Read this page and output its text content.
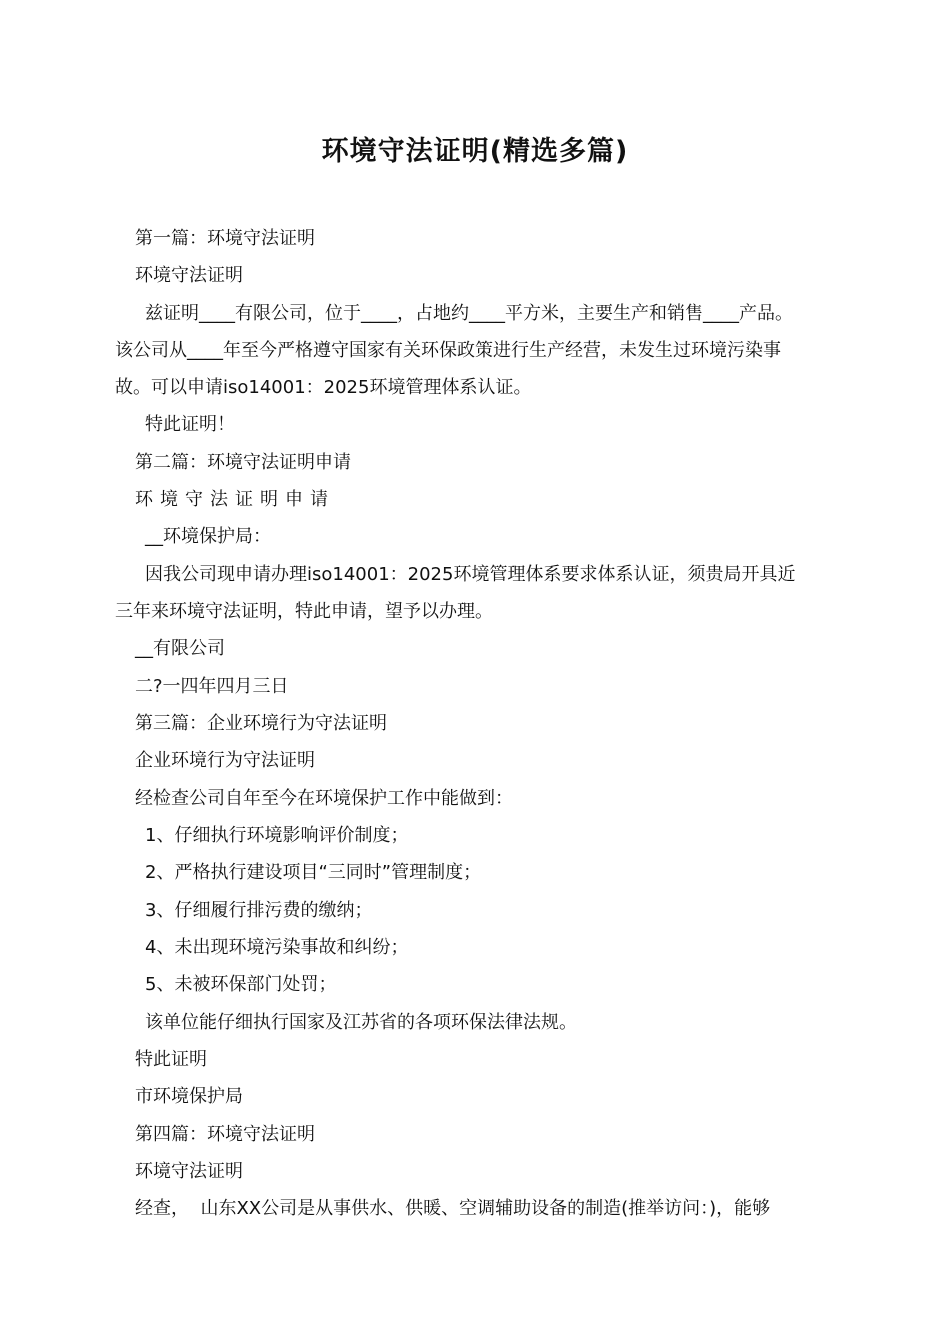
环境守法证明(精选多篇)
第一篇：环境守法证明
环境守法证明
兹证明____有限公司，位于____，占地约____平方米，主要生产和销售____产品。
该公司从____年至今严格遵守国家有关环保政策进行生产经营，未发生过环境污染事
故。可以申请iso14001：2025环境管理体系认证。
特此证明！
第二篇：环境守法证明申请
环境守法证明申请
__环境保护局：
因我公司现申请办理iso14001：2025环境管理体系要求体系认证，须贵局开具近
三年来环境守法证明，特此申请，望予以办理。
__有限公司
二?一四年四月三日
第三篇：企业环境行为守法证明
企业环境行为守法证明
经检查公司自年至今在环境保护工作中能做到：
1、仔细执行环境影响评价制度；
2、严格执行建设项目“三同时”管理制度；
3、仔细履行排污费的缴纳；
4、未出现环境污染事故和纠纷；
5、未被环保部门处罚；
该单位能仔细执行国家及江苏省的各项环保法律法规。
特此证明
市环境保护局
第四篇：环境守法证明
环境守法证明
经查，  山东XX公司是从事供水、供暖、空调辅助设备的制造(推举访问：)，能够
